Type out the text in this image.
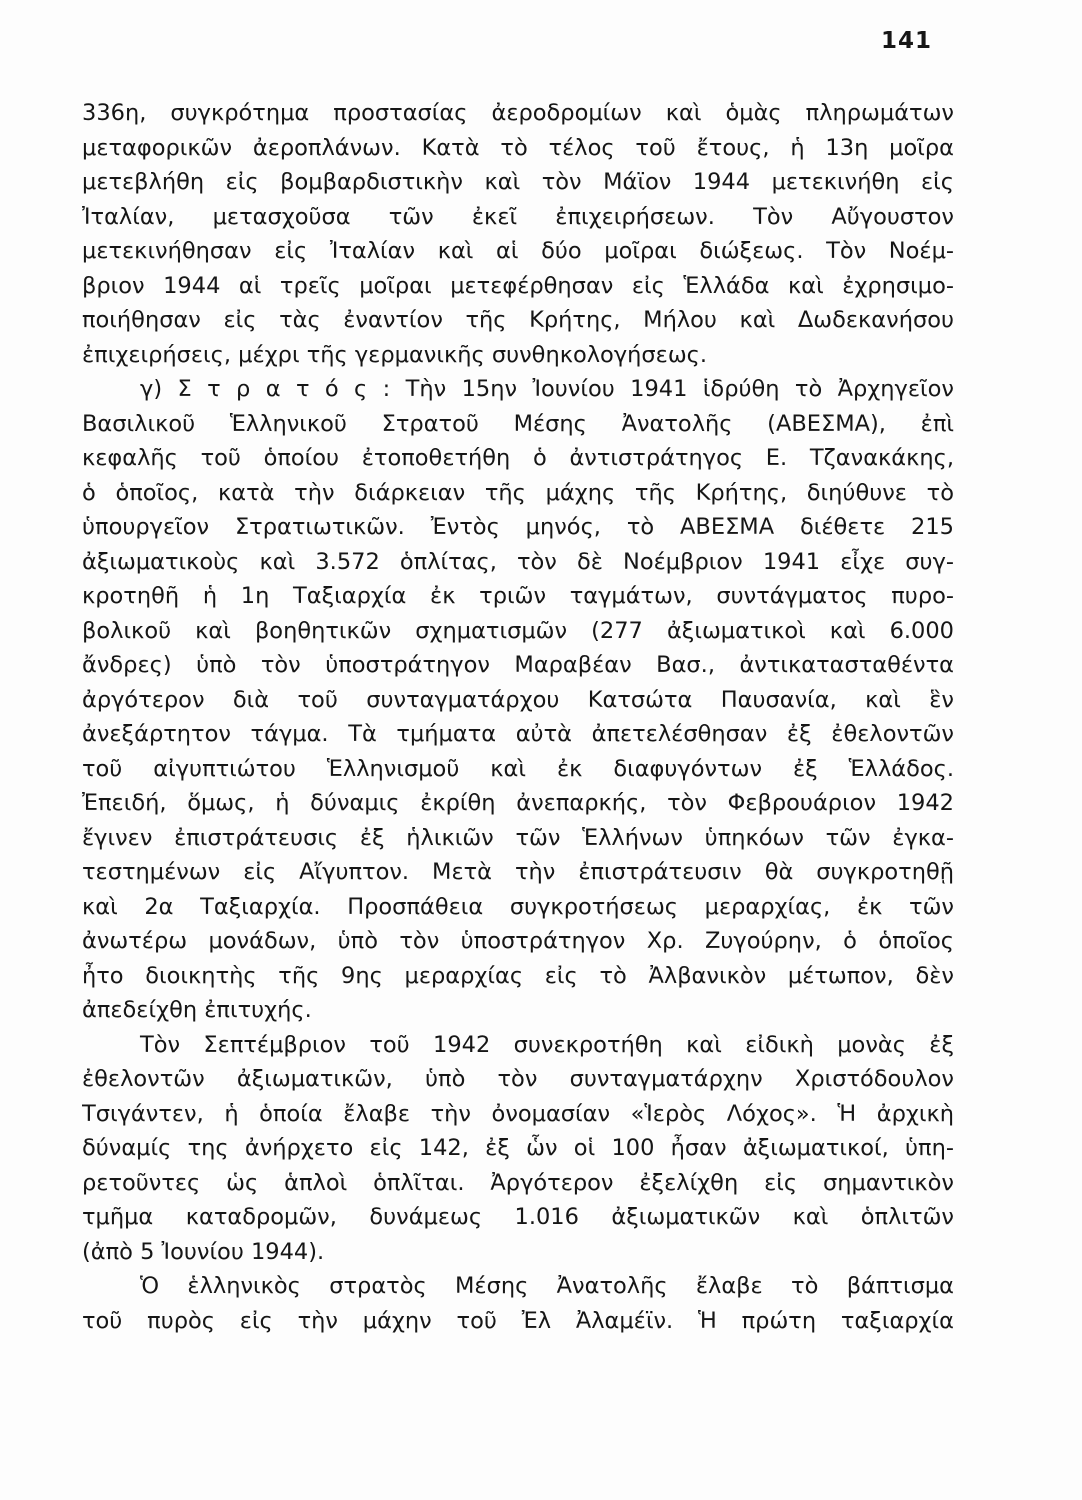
141
336η, συγκρότημα προστασίας ἀεροδρομίων καὶ ὁμὰς πληρωμάτων
μεταφορικῶν ἀεροπλάνων. Κατὰ τὸ τέλος τοῦ ἔτους, ἡ 13η μοῖρα
μετεβλήθη εἰς βομβαρδιστικὴν καὶ τὸν Μάϊον 1944 μετεκινήθη εἰς
Ἰταλίαν, μετασχοῦσα τῶν ἐκεῖ ἐπιχειρήσεων. Τὸν Αὔγουστον
μετεκινήθησαν εἰς Ἰταλίαν καὶ αἱ δύο μοῖραι διώξεως. Τὸν Νοέμ-
βριον 1944 αἱ τρεῖς μοῖραι μετεφέρθησαν εἰς Ἑλλάδα καὶ ἐχρησιμο-
ποιήθησαν εἰς τὰς ἐναντίον τῆς Κρήτης, Μήλου καὶ Δωδεκανήσου
ἐπιχειρήσεις, μέχρι τῆς γερμανικῆς συνθηκολογήσεως.
γ) Σ τ ρ α τ ό ς : Τὴν 15ην Ἰουνίου 1941 ἱδρύθη τὸ Ἀρχηγεῖον
Βασιλικοῦ Ἑλληνικοῦ Στρατοῦ Μέσης Ἀνατολῆς (ΑΒΕΣΜΑ), ἐπὶ
κεφαλῆς τοῦ ὁποίου ἐτοποθετήθη ὁ ἀντιστράτηγος Ε. Τζανακάκης,
ὁ ὁποῖος, κατὰ τὴν διάρκειαν τῆς μάχης τῆς Κρήτης, διηύθυνε τὸ
ὑπουργεῖον Στρατιωτικῶν. Ἐντὸς μηνός, τὸ ΑΒΕΣΜΑ διέθετε 215
ἀξιωματικοὺς καὶ 3.572 ὁπλίτας, τὸν δὲ Νοέμβριον 1941 εἶχε συγ-
κροτηθῆ ἡ 1η Ταξιαρχία ἐκ τριῶν ταγμάτων, συντάγματος πυρο-
βολικοῦ καὶ βοηθητικῶν σχηματισμῶν (277 ἀξιωματικοὶ καὶ 6.000
ἄνδρες) ὑπὸ τὸν ὑποστράτηγον Μαραβέαν Βασ., ἀντικατασταθέντα
ἀργότερον διὰ τοῦ συνταγματάρχου Κατσώτα Παυσανία, καὶ ἓν
ἀνεξάρτητον τάγμα. Τὰ τμήματα αὐτὰ ἀπετελέσθησαν ἐξ ἐθελοντῶν
τοῦ αἰγυπτιώτου Ἑλληνισμοῦ καὶ ἐκ διαφυγόντων ἐξ Ἑλλάδος.
Ἐπειδή, ὅμως, ἡ δύναμις ἐκρίθη ἀνεπαρκής, τὸν Φεβρουάριον 1942
ἔγινεν ἐπιστράτευσις ἐξ ἡλικιῶν τῶν Ἑλλήνων ὑπηκόων τῶν ἐγκα-
τεστημένων εἰς Αἴγυπτον. Μετὰ τὴν ἐπιστράτευσιν θὰ συγκροτηθῇ
καὶ 2α Ταξιαρχία. Προσπάθεια συγκροτήσεως μεραρχίας, ἐκ τῶν
ἀνωτέρω μονάδων, ὑπὸ τὸν ὑποστράτηγον Χρ. Ζυγούρην, ὁ ὁποῖος
ἦτο διοικητὴς τῆς 9ης μεραρχίας εἰς τὸ Ἀλβανικὸν μέτωπον, δὲν
ἀπεδείχθη ἐπιτυχής.
Τὸν Σεπτέμβριον τοῦ 1942 συνεκροτήθη καὶ εἰδικὴ μονὰς ἐξ
ἐθελοντῶν ἀξιωματικῶν, ὑπὸ τὸν συνταγματάρχην Χριστόδουλον
Τσιγάντεν, ἡ ὁποία ἔλαβε τὴν ὀνομασίαν «Ἱερὸς Λόχος». Ἡ ἀρχικὴ
δύναμίς της ἀνήρχετο εἰς 142, ἐξ ὧν οἱ 100 ἦσαν ἀξιωματικοί, ὑπη-
ρετοῦντες ὡς ἁπλοὶ ὁπλῖται. Ἀργότερον ἐξελίχθη εἰς σημαντικὸν
τμῆμα καταδρομῶν, δυνάμεως 1.016 ἀξιωματικῶν καὶ ὁπλιτῶν
(ἀπὸ 5 Ἰουνίου 1944).
Ὁ ἑλληνικὸς στρατὸς Μέσης Ἀνατολῆς ἔλαβε τὸ βάπτισμα
τοῦ πυρὸς εἰς τὴν μάχην τοῦ Ἐλ Ἀλαμέϊν. Ἡ πρώτη ταξιαρχία
